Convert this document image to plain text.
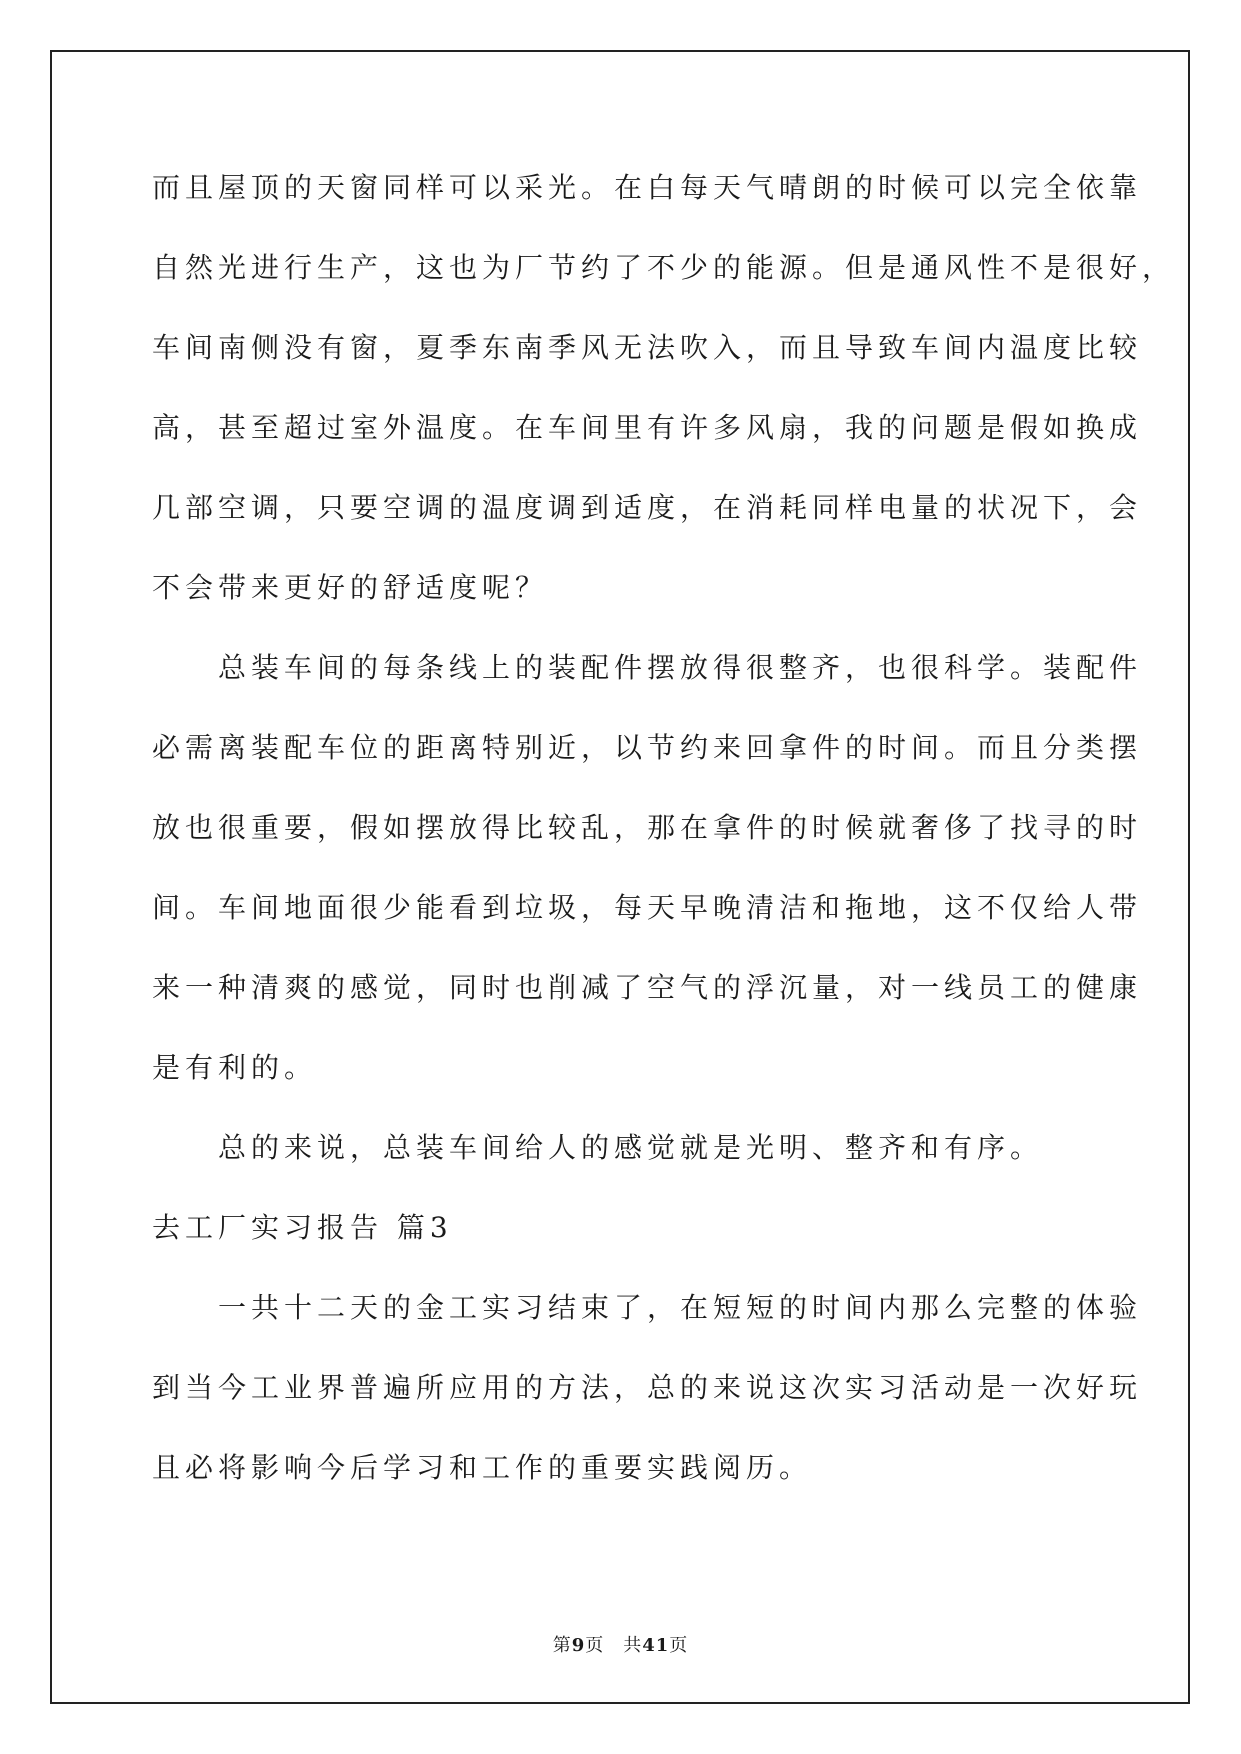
而且屋顶的天窗同样可以采光。在白每天气晴朗的时候可以完全依靠
自然光进行生产，这也为厂节约了不少的能源。但是通风性不是很好，
车间南侧没有窗，夏季东南季风无法吹入，而且导致车间内温度比较
高，甚至超过室外温度。在车间里有许多风扇，我的问题是假如换成
几部空调，只要空调的温度调到适度，在消耗同样电量的状况下，会
不会带来更好的舒适度呢？
　　总装车间的每条线上的装配件摆放得很整齐，也很科学。装配件
必需离装配车位的距离特别近，以节约来回拿件的时间。而且分类摆
放也很重要，假如摆放得比较乱，那在拿件的时候就奢侈了找寻的时
间。车间地面很少能看到垃圾，每天早晚清洁和拖地，这不仅给人带
来一种清爽的感觉，同时也削减了空气的浮沉量，对一线员工的健康
是有利的。
　　总的来说，总装车间给人的感觉就是光明、整齐和有序。
去工厂实习报告 篇3
　　一共十二天的金工实习结束了，在短短的时间内那么完整的体验
到当今工业界普遍所应用的方法，总的来说这次实习活动是一次好玩
且必将影响今后学习和工作的重要实践阅历。
第9页　共41页
